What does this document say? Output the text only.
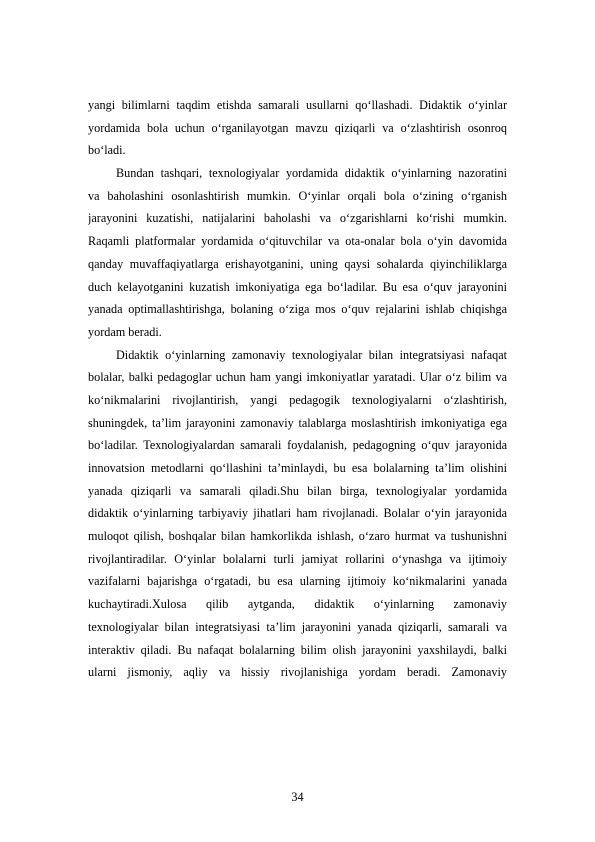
yangi bilimlarni taqdim etishda samarali usullarni qo‘llashadi. Didaktik o‘yinlar
yordamida bola uchun o‘rganilayotgan mavzu qiziqarli va o‘zlashtirish osonroq
bo‘ladi.
Bundan tashqari, texnologiyalar yordamida didaktik o‘yinlarning nazoratini
va baholashini osonlashtirish mumkin. O‘yinlar orqali bola o‘zining o‘rganish
jarayonini kuzatishi, natijalarini baholashi va o‘zgarishlarni ko‘rishi mumkin.
Raqamli platformalar yordamida o‘qituvchilar va ota-onalar bola o‘yin davomida
qanday muvaffaqiyatlarga erishayotganini, uning qaysi sohalarda qiyinchiliklarga
duch kelayotganini kuzatish imkoniyatiga ega bo‘ladilar. Bu esa o‘quv jarayonini
yanada optimallashtirishga, bolaning o‘ziga mos o‘quv rejalarini ishlab chiqishga
yordam beradi.
Didaktik o‘yinlarning zamonaviy texnologiyalar bilan integratsiyasi nafaqat
bolalar, balki pedagoglar uchun ham yangi imkoniyatlar yaratadi. Ular o‘z bilim va
ko‘nikmalarini rivojlantirish, yangi pedagogik texnologiyalarni o‘zlashtirish,
shuningdek, ta’lim jarayonini zamonaviy talablarga moslashtirish imkoniyatiga ega
bo‘ladilar. Texnologiyalardan samarali foydalanish, pedagogning o‘quv jarayonida
innovatsion metodlarni qo‘llashini ta’minlaydi, bu esa bolalarning ta’lim olishini
yanada qiziqarli va samarali qiladi.Shu bilan birga, texnologiyalar yordamida
didaktik o‘yinlarning tarbiyaviy jihatlari ham rivojlanadi. Bolalar o‘yin jarayonida
muloqot qilish, boshqalar bilan hamkorlikda ishlash, o‘zaro hurmat va tushunishni
rivojlantiradilar. O‘yinlar bolalarni turli jamiyat rollarini o‘ynashga va ijtimoiy
vazifalarni bajarishga o‘rgatadi, bu esa ularning ijtimoiy ko‘nikmalarini yanada
kuchaytiradi.Xulosa qilib aytganda, didaktik o‘yinlarning zamonaviy
texnologiyalar bilan integratsiyasi ta’lim jarayonini yanada qiziqarli, samarali va
interaktiv qiladi. Bu nafaqat bolalarning bilim olish jarayonini yaxshilaydi, balki
ularni jismoniy, aqliy va hissiy rivojlanishiga yordam beradi. Zamonaviy
34
